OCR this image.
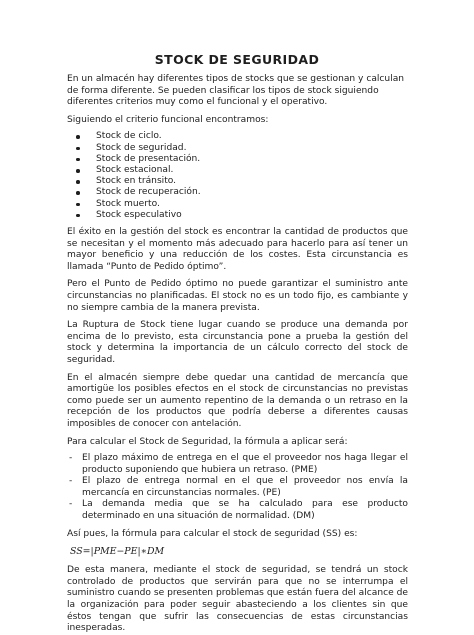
STOCK DE SEGURIDAD

En un almacén hay diferentes tipos de stocks que se gestionan y calculan de forma diferente. Se pueden clasificar los tipos de stock siguiendo diferentes criterios muy como el funcional y el operativo.

Siguiendo el criterio funcional encontramos:

Stock de ciclo.
Stock de seguridad.
Stock de presentación.
Stock estacional.
Stock en tránsito.
Stock de recuperación.
Stock muerto.
Stock especulativo

El éxito en la gestión del stock es encontrar la cantidad de productos que se necesitan y el momento más adecuado para hacerlo para así tener un mayor beneficio y una reducción de los costes. Esta circunstancia es llamada “Punto de Pedido óptimo”.

Pero el Punto de Pedido óptimo no puede garantizar el suministro ante circunstancias no planificadas. El stock no es un todo fijo, es cambiante y no siempre cambia de la manera prevista.

La Ruptura de Stock tiene lugar cuando se produce una demanda por encima de lo previsto, esta circunstancia pone a prueba la gestión del stock y determina la importancia de un cálculo correcto del stock de seguridad.

En el almacén siempre debe quedar una cantidad de mercancía que amortigüe los posibles efectos en el stock de circunstancias no previstas como puede ser un aumento repentino de la demanda o un retraso en la recepción de los productos que podría deberse a diferentes causas imposibles de conocer con antelación.

Para calcular el Stock de Seguridad, la fórmula a aplicar será:

- El plazo máximo de entrega en el que el proveedor nos haga llegar el producto suponiendo que hubiera un retraso. (PME)
- El plazo de entrega normal en el que el proveedor nos envía la mercancía en circunstancias normales. (PE)
- La demanda media que se ha calculado para ese producto determinado en una situación de normalidad. (DM)

Así pues, la fórmula para calcular el stock de seguridad (SS) es:

SS=|PME−PE|∗DM

De esta manera, mediante el stock de seguridad, se tendrá un stock controlado de productos que servirán para que no se interrumpa el suministro cuando se presenten problemas que están fuera del alcance de la organización para poder seguir abasteciendo a los clientes sin que éstos tengan que sufrir las consecuencias de estas circunstancias inesperadas.
